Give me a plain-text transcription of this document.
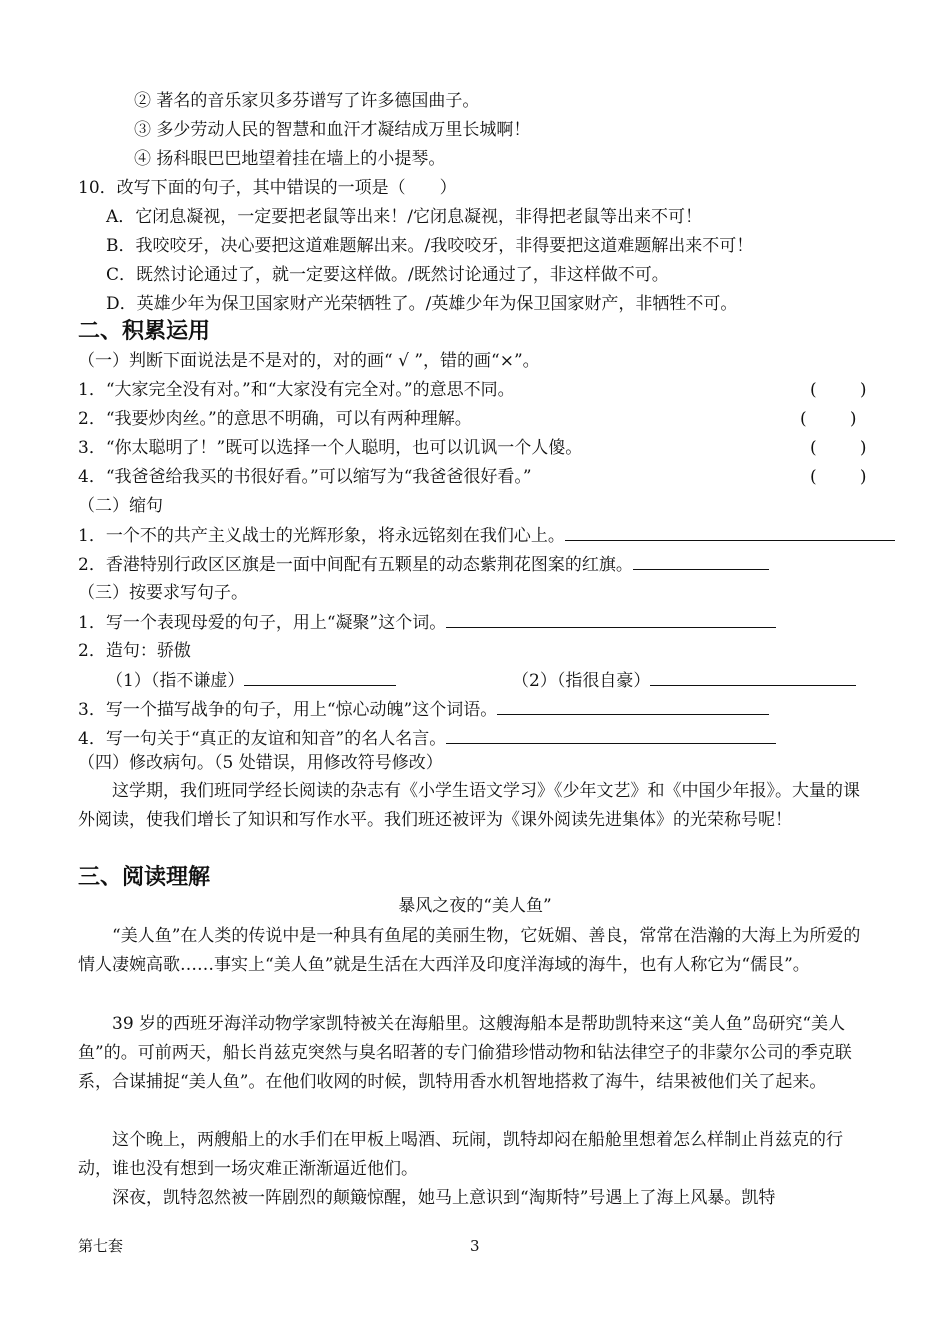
② 著名的音乐家贝多芬谱写了许多德国曲子。
③ 多少劳动人民的智慧和血汗才凝结成万里长城啊！
④ 扬科眼巴巴地望着挂在墙上的小提琴。
10．改写下面的句子，其中错误的一项是（　　）
A．它闭息凝视，一定要把老鼠等出来！/它闭息凝视，非得把老鼠等出来不可！
B．我咬咬牙，决心要把这道难题解出来。/我咬咬牙，非得要把这道难题解出来不可！
C．既然讨论通过了，就一定要这样做。/既然讨论通过了，非这样做不可。
D．英雄少年为保卫国家财产光荣牺牲了。/英雄少年为保卫国家财产，非牺牲不可。
二、积累运用
（一）判断下面说法是不是对的，对的画“ √ ”，错的画“×”。
1．“大家完全没有对。”和“大家没有完全对。”的意思不同。	(        )
2．“我要炒肉丝。”的意思不明确，可以有两种理解。	(        )
3．“你太聪明了！”既可以选择一个人聪明，也可以讥讽一个人傻。	(        )
4．“我爸爸给我买的书很好看。”可以缩写为“我爸爸很好看。”	(        )
（二）缩句
1．一个不的共产主义战士的光辉形象，将永远铭刻在我们心上。
2．香港特别行政区区旗是一面中间配有五颗星的动态紫荆花图案的红旗。
（三）按要求写句子。
1．写一个表现母爱的句子，用上“凝聚”这个词。
2．造句：骄傲
（1）（指不谦虚）	（2）（指很自豪）
3．写一个描写战争的句子，用上“惊心动魄”这个词语。
4．写一句关于“真正的友谊和知音”的名人名言。
（四）修改病句。（5 处错误，用修改符号修改）
这学期，我们班同学经长阅读的杂志有《小学生语文学习》《少年文艺》和《中国少年报》。大量的课外阅读，使我们增长了知识和写作水平。我们班还被评为《课外阅读先进集体》的光荣称号呢！
三、阅读理解
暴风之夜的“美人鱼”
“美人鱼”在人类的传说中是一种具有鱼尾的美丽生物，它妩媚、善良，常常在浩瀚的大海上为所爱的情人凄婉高歌……事实上“美人鱼”就是生活在大西洋及印度洋海域的海牛，也有人称它为“儒艮”。
39 岁的西班牙海洋动物学家凯特被关在海船里。这艘海船本是帮助凯特来这“美人鱼”岛研究“美人鱼”的。可前两天，船长肖兹克突然与臭名昭著的专门偷猎珍惜动物和钻法律空子的非蒙尔公司的季克联系，合谋捕捉“美人鱼”。在他们收网的时候，凯特用香水机智地搭救了海牛，结果被他们关了起来。
这个晚上，两艘船上的水手们在甲板上喝酒、玩闹，凯特却闷在船舱里想着怎么样制止肖兹克的行动，谁也没有想到一场灾难正渐渐逼近他们。
深夜，凯特忽然被一阵剧烈的颠簸惊醒，她马上意识到“淘斯特”号遇上了海上风暴。凯特
第七套	3
